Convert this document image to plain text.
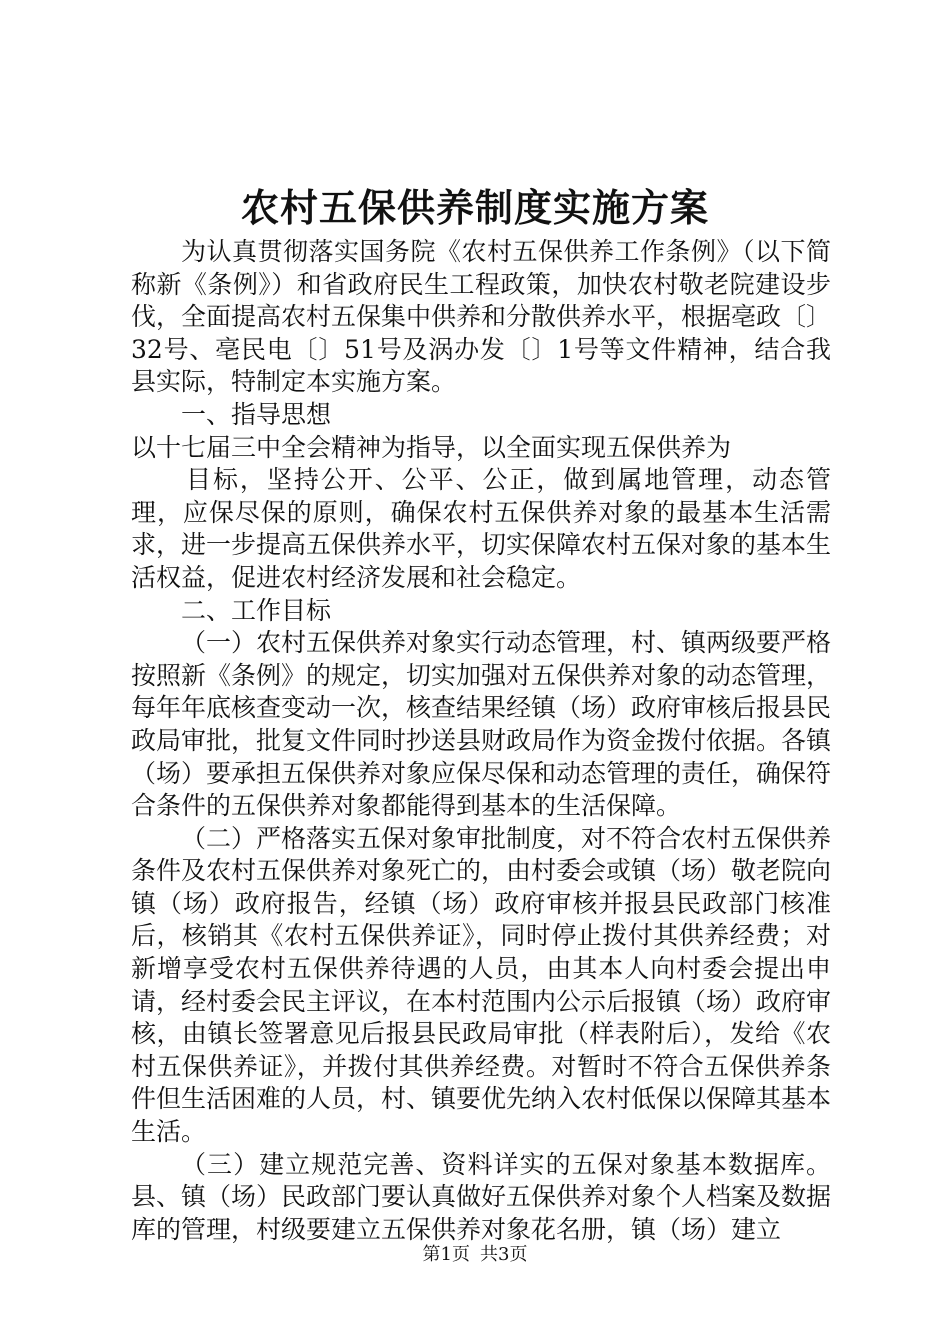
农村五保供养制度实施方案

为认真贯彻落实国务院《农村五保供养工作条例》（以下简称新《条例》）和省政府民生工程政策，加快农村敬老院建设步伐，全面提高农村五保集中供养和分散供养水平，根据亳政〔〕32号、亳民电〔〕51号及涡办发〔〕1号等文件精神，结合我县实际，特制定本实施方案。

一、指导思想

以十七届三中全会精神为指导，以全面实现五保供养为

目标，坚持公开、公平、公正，做到属地管理，动态管理，应保尽保的原则，确保农村五保供养对象的最基本生活需求，进一步提高五保供养水平，切实保障农村五保对象的基本生活权益，促进农村经济发展和社会稳定。

二、工作目标

（一）农村五保供养对象实行动态管理，村、镇两级要严格按照新《条例》的规定，切实加强对五保供养对象的动态管理，每年年底核查变动一次，核查结果经镇（场）政府审核后报县民政局审批，批复文件同时抄送县财政局作为资金拨付依据。各镇（场）要承担五保供养对象应保尽保和动态管理的责任，确保符合条件的五保供养对象都能得到基本的生活保障。

（二）严格落实五保对象审批制度，对不符合农村五保供养条件及农村五保供养对象死亡的，由村委会或镇（场）敬老院向镇（场）政府报告，经镇（场）政府审核并报县民政部门核准后，核销其《农村五保供养证》，同时停止拨付其供养经费；对新增享受农村五保供养待遇的人员，由其本人向村委会提出申请，经村委会民主评议，在本村范围内公示后报镇（场）政府审核，由镇长签署意见后报县民政局审批（样表附后），发给《农村五保供养证》，并拨付其供养经费。对暂时不符合五保供养条件但生活困难的人员，村、镇要优先纳入农村低保以保障其基本生活。

（三）建立规范完善、资料详实的五保对象基本数据库。县、镇（场）民政部门要认真做好五保供养对象个人档案及数据库的管理，村级要建立五保供养对象花名册，镇（场）建立

第1页 共3页
